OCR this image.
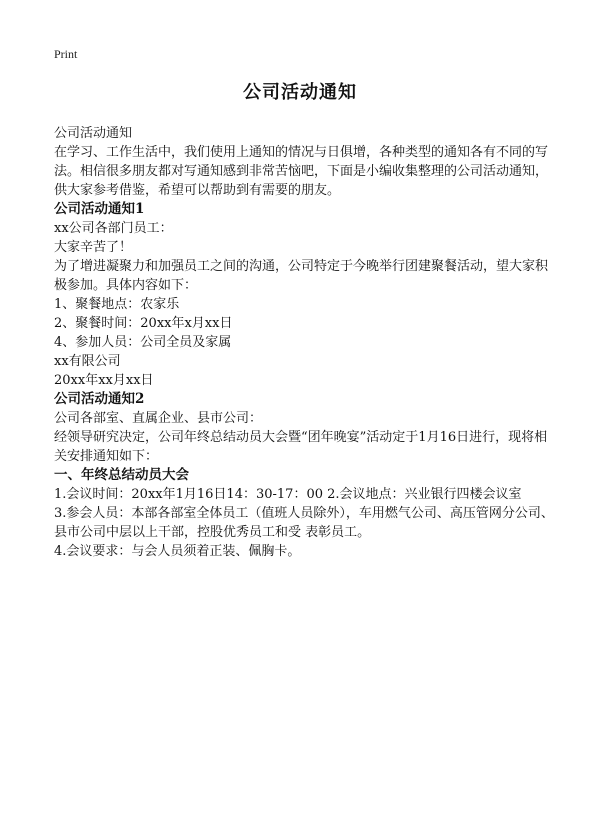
Print
公司活动通知

公司活动通知

在学习、工作生活中，我们使用上通知的情况与日俱增，各种类型的通知各有不同的写法。相信很多朋友都对写通知感到非常苦恼吧，下面是小编收集整理的公司活动通知，供大家参考借鉴，希望可以帮助到有需要的朋友。

公司活动通知1

xx公司各部门员工：

大家辛苦了！

为了增进凝聚力和加强员工之间的沟通，公司特定于今晚举行团建聚餐活动，望大家积极参加。具体内容如下：

1、聚餐地点：农家乐

2、聚餐时间：20xx年x月xx日

4、参加人员：公司全员及家属

xx有限公司

20xx年xx月xx日

公司活动通知2

公司各部室、直属企业、县市公司：

经领导研究决定，公司年终总结动员大会暨“团年晚宴”活动定于1月16日进行，现将相关安排通知如下：

一、年终总结动员大会

1.会议时间：20xx年1月16日14：30-17：00 2.会议地点：兴业银行四楼会议室

3.参会人员：本部各部室全体员工（值班人员除外），车用燃气公司、高压管网分公司、县市公司中层以上干部，控股优秀员工和受 表彰员工。

4.会议要求：与会人员须着正装、佩胸卡。
